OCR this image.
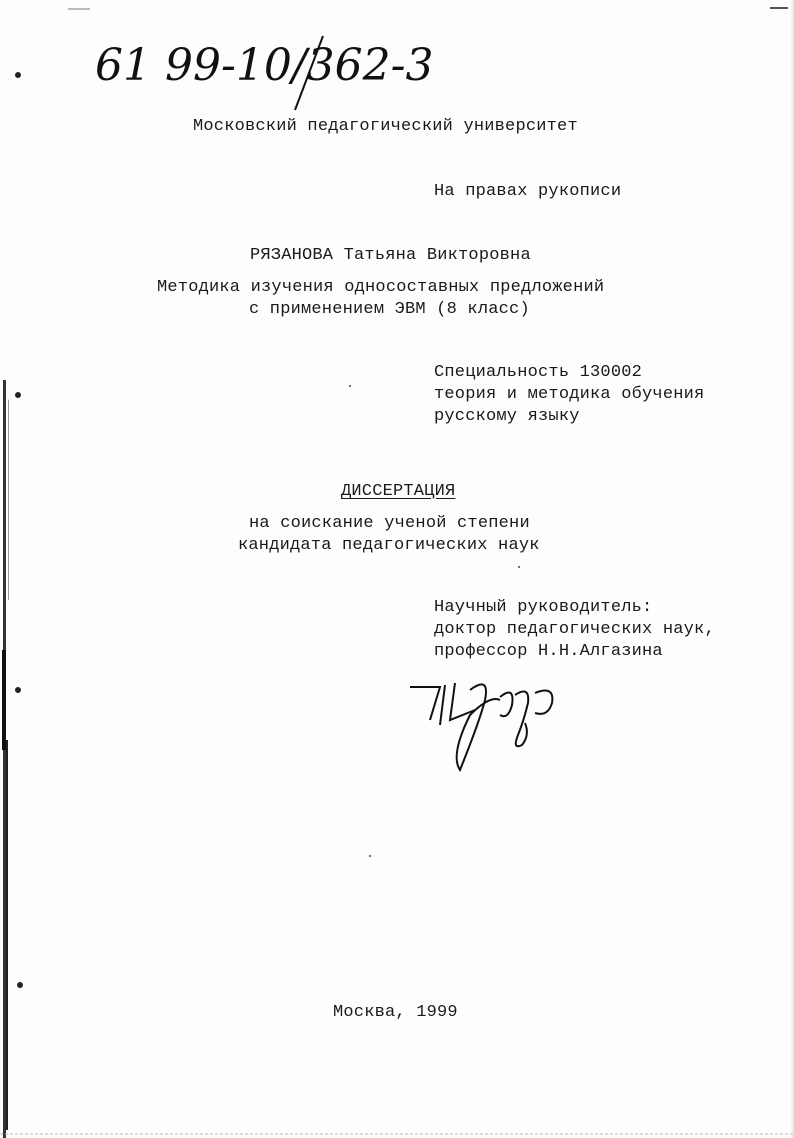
61 99-10/362-3
Московский педагогический университет
На правах рукописи
РЯЗАНОВА Татьяна Викторовна
Методика изучения односоставных предложений
с применением ЭВМ (8 класс)
Специальность 130002
теория и методика обучения
русскому языку
ДИССЕРТАЦИЯ
на соискание ученой степени
кандидата педагогических наук
Научный руководитель:
доктор педагогических наук,
профессор Н.Н.Алгазина
Москва, 1999
